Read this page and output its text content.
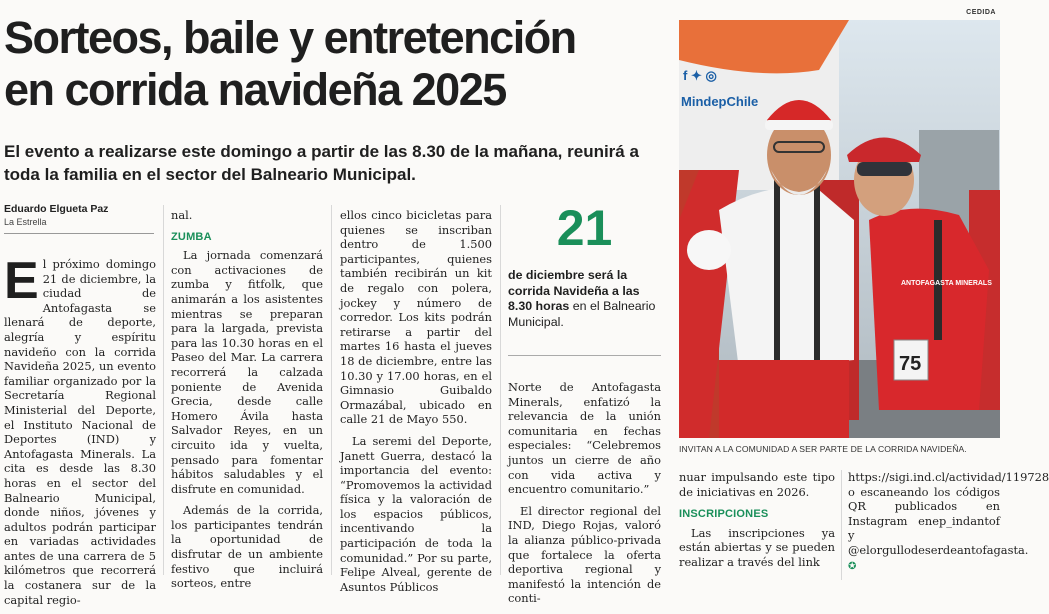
CEDIDA
Sorteos, baile y entretención
en corrida navideña 2025
El evento a realizarse este domingo a partir de las 8.30 de la mañana, reunirá a toda la familia en el sector del Balneario Municipal.
Eduardo Elgueta Paz
La Estrella

El próximo domingo 21 de diciembre, la ciudad de Antofagasta se llenará de deporte, alegría y espíritu navideño con la corrida Navideña 2025, un evento familiar organizado por la Secretaría Regional Ministerial del Deporte, el Instituto Nacional de Deportes (IND) y Antofagasta Minerals. La cita es desde las 8.30 horas en el sector del Balneario Municipal, donde niños, jóvenes y adultos podrán participar en variadas actividades antes de una carrera de 5 kilómetros que recorrerá la costanera sur de la capital regio-

nal.

ZUMBA

La jornada comenzará con activaciones de zumba y fitfolk, que animarán a los asistentes mientras se preparan para la largada, prevista para las 10.30 horas en el Paseo del Mar. La carrera recorrerá la calzada poniente de Avenida Grecia, desde calle Homero Ávila hasta Salvador Reyes, en un circuito ida y vuelta, pensado para fomentar hábitos saludables y el disfrute en comunidad.

Además de la corrida, los participantes tendrán la oportunidad de disfrutar de un ambiente festivo que incluirá sorteos, entre

ellos cinco bicicletas para quienes se inscriban dentro de 1.500 participantes, quienes también recibirán un kit de regalo con polera, jockey y número de corredor. Los kits podrán retirarse a partir del martes 16 hasta el jueves 18 de diciembre, entre las 10.30 y 17.00 horas, en el Gimnasio Guibaldo Ormazábal, ubicado en calle 21 de Mayo 550.

La seremi del Deporte, Janett Guerra, destacó la importancia del evento: “Promovemos la actividad física y la valoración de los espacios públicos, incentivando la participación de toda la comunidad.” Por su parte, Felipe Alveal, gerente de Asuntos Públicos

21
de diciembre será la corrida Navideña a las 8.30 horas en el Balneario Municipal.

Norte de Antofagasta Minerals, enfatizó la relevancia de la unión comunitaria en fechas especiales: “Celebremos juntos un cierre de año con vida activa y encuentro comunitario.”

El director regional del IND, Diego Rojas, valoró la alianza público-privada que fortalece la oferta deportiva regional y manifestó la intención de conti-

f ✦ ◎
MindepChile
ANTOFAGASTA MINERALS
75
INVITAN A LA COMUNIDAD A SER PARTE DE LA CORRIDA NAVIDEÑA.

nuar impulsando este tipo de iniciativas en 2026.

INSCRIPCIONES

Las inscripciones ya están abiertas y se pueden realizar a través del link

https://sigi.ind.cl/actividad/119728 o escaneando los códigos QR publicados en Instagram enep_indantof y @elorgullodeserdeantofagasta. ✪
